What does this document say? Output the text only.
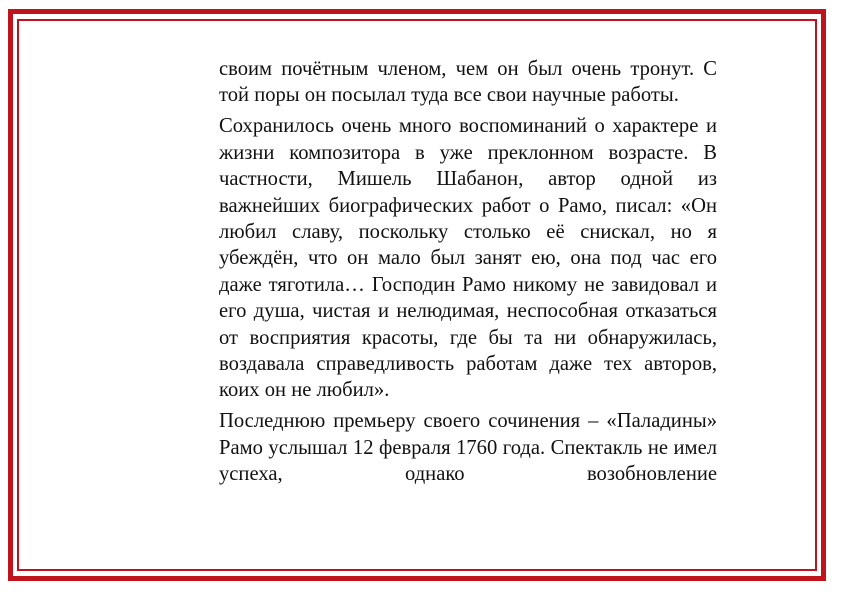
своим почётным членом, чем он был очень тронут. С той поры он посылал туда все свои научные работы.

Сохранилось очень много воспоминаний о характере и жизни композитора в уже преклонном возрасте. В частности, Мишель Шабанон, автор одной из важнейших биографических работ о Рамо, писал: «Он любил славу, поскольку столько её снискал, но я убеждён, что он мало был занят ею, она под час его даже тяготила… Господин Рамо никому не завидовал и его душа, чистая и нелюдимая, неспособная отказаться от восприятия красоты, где бы та ни обнаружилась, воздавала справедливость работам даже тех авторов, коих он не любил».

Последнюю премьеру своего сочинения – «Паладины» Рамо услышал 12 февраля 1760 года. Спектакль не имел успеха, однако возобновление
